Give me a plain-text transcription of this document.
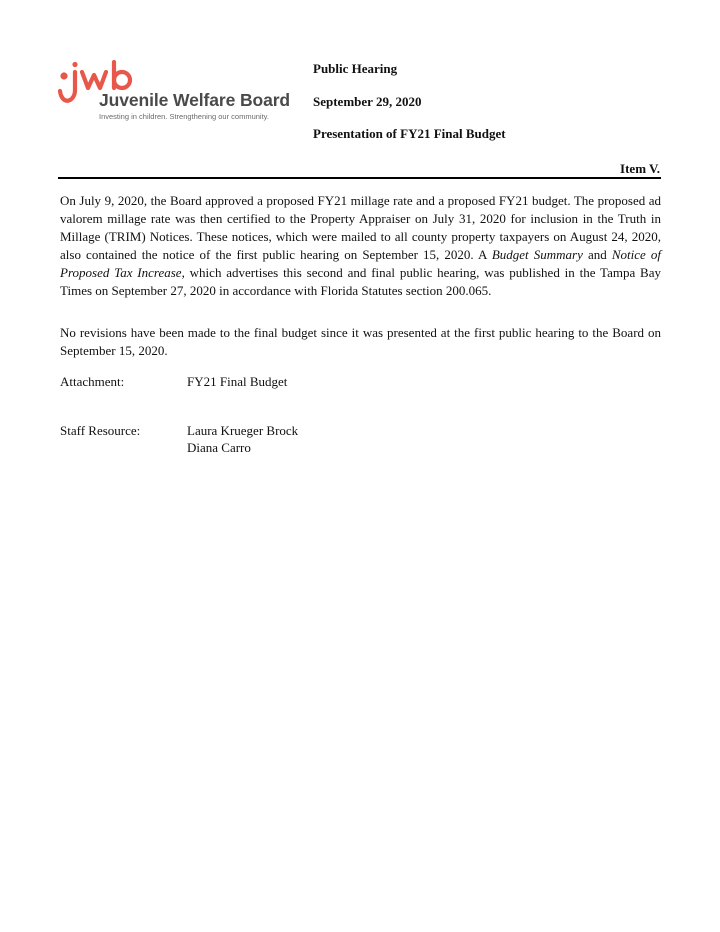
Juvenile Welfare Board
Investing in children. Strengthening our community.
Public Hearing
September 29, 2020
Presentation of FY21 Final Budget
Item V.

On July 9, 2020, the Board approved a proposed FY21 millage rate and a proposed FY21 budget. The proposed ad valorem millage rate was then certified to the Property Appraiser on July 31, 2020 for inclusion in the Truth in Millage (TRIM) Notices. These notices, which were mailed to all county property taxpayers on August 24, 2020, also contained the notice of the first public hearing on September 15, 2020. A Budget Summary and Notice of Proposed Tax Increase, which advertises this second and final public hearing, was published in the Tampa Bay Times on September 27, 2020 in accordance with Florida Statutes section 200.065.

No revisions have been made to the final budget since it was presented at the first public hearing to the Board on September 15, 2020.

Attachment:	FY21 Final Budget
Staff Resource:	Laura Krueger Brock
Diana Carro
